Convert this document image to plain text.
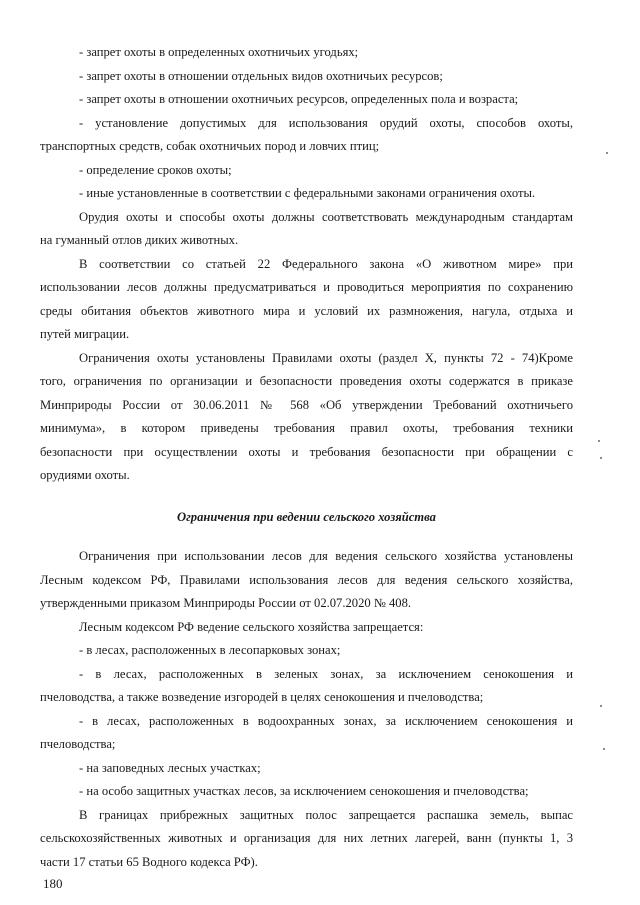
- запрет охоты в определенных охотничьих угодьях;
- запрет охоты в отношении отдельных видов охотничьих ресурсов;
- запрет охоты в отношении охотничьих ресурсов, определенных пола и возраста;
- установление допустимых для использования орудий охоты, способов охоты,
транспортных средств, собак охотничьих пород и ловчих птиц;
- определение сроков охоты;
- иные установленные в соответствии с федеральными законами ограничения охоты.
Орудия охоты и способы охоты должны соответствовать международным стандартам
на гуманный отлов диких животных.
В соответствии со статьей 22 Федерального закона «О животном мире» при
использовании лесов должны предусматриваться и проводиться мероприятия по сохранению
среды обитания объектов животного мира и условий их размножения, нагула, отдыха и
путей миграции.
Ограничения охоты установлены Правилами охоты (раздел X, пункты 72 - 74)Кроме
того, ограничения по организации и безопасности проведения охоты содержатся в приказе
Минприроды России от 30.06.2011 № 568 «Об утверждении Требований охотничьего
минимума», в котором приведены требования правил охоты, требования техники
безопасности при осуществлении охоты и требования безопасности при обращении с
орудиями охоты.
Ограничения при ведении сельского хозяйства
Ограничения при использовании лесов для ведения сельского хозяйства установлены
Лесным кодексом РФ, Правилами использования лесов для ведения сельского хозяйства,
утвержденными приказом Минприроды России от 02.07.2020 № 408.
Лесным кодексом РФ ведение сельского хозяйства запрещается:
- в лесах, расположенных в лесопарковых зонах;
- в лесах, расположенных в зеленых зонах, за исключением сенокошения и
пчеловодства, а также возведение изгородей в целях сенокошения и пчеловодства;
- в лесах, расположенных в водоохранных зонах, за исключением сенокошения и
пчеловодства;
- на заповедных лесных участках;
- на особо защитных участках лесов, за исключением сенокошения и пчеловодства;
В границах прибрежных защитных полос запрещается распашка земель, выпас
сельскохозяйственных животных и организация для них летних лагерей, ванн (пункты 1, 3
части 17 статьи 65 Водного кодекса РФ).
180
